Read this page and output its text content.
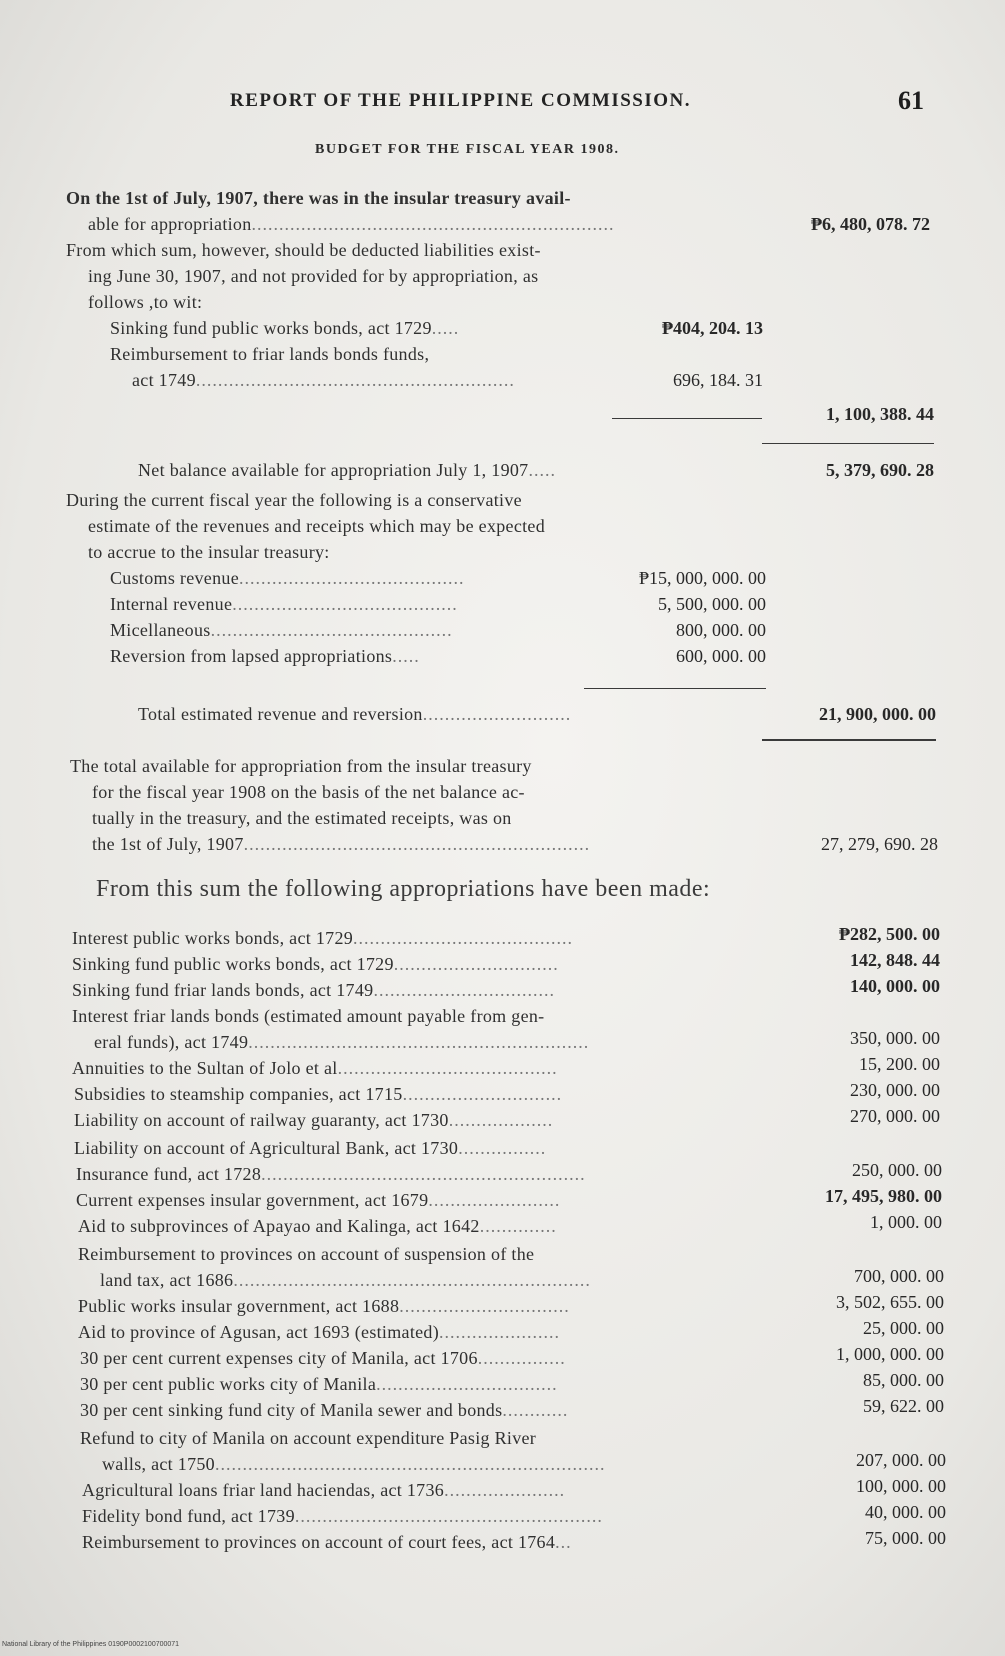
REPORT OF THE PHILIPPINE COMMISSION.	61
BUDGET FOR THE FISCAL YEAR 1908.
On the 1st of July, 1907, there was in the insular treasury avail-
able for appropriation..................................................................	₱6, 480, 078. 72
From which sum, however, should be deducted liabilities exist-
ing June 30, 1907, and not provided for by appropriation, as
follows ,to wit:
Sinking fund public works bonds, act 1729.....	₱404, 204. 13
Reimbursement to friar lands bonds funds,
act 1749..........................................................	696, 184. 31
1, 100, 388. 44
Net balance available for appropriation July 1, 1907.....	5, 379, 690. 28
During the current fiscal year the following is a conservative
estimate of the revenues and receipts which may be expected
to accrue to the insular treasury:
Customs revenue.........................................	₱15, 000, 000. 00
Internal revenue.........................................	5, 500, 000. 00
Micellaneous............................................	800, 000. 00
Reversion from lapsed appropriations.....	600, 000. 00
Total estimated revenue and reversion...........................	21, 900, 000. 00
The total available for appropriation from the insular treasury
for the fiscal year 1908 on the basis of the net balance ac-
tually in the treasury, and the estimated receipts, was on
the 1st of July, 1907...............................................................	27, 279, 690. 28
From this sum the following appropriations have been made:
Interest public works bonds, act 1729........................................	₱282, 500. 00
Sinking fund public works bonds, act 1729..............................	142, 848. 44
Sinking fund friar lands bonds, act 1749.................................	140, 000. 00
Interest friar lands bonds (estimated amount payable from gen-
eral funds), act 1749..............................................................	350, 000. 00
Annuities to the Sultan of Jolo et al........................................	15, 200. 00
Subsidies to steamship companies, act 1715.............................	230, 000. 00
Liability on account of railway guaranty, act 1730...................	270, 000. 00
Liability on account of Agricultural Bank, act 1730................
Insurance fund, act 1728...........................................................	250, 000. 00
Current expenses insular government, act 1679........................	17, 495, 980. 00
Aid to subprovinces of Apayao and Kalinga, act 1642..............	1, 000. 00
Reimbursement to provinces on account of suspension of the
land tax, act 1686.................................................................	700, 000. 00
Public works insular government, act 1688...............................	3, 502, 655. 00
Aid to province of Agusan, act 1693 (estimated)......................	25, 000. 00
30 per cent current expenses city of Manila, act 1706................	1, 000, 000. 00
30 per cent public works city of Manila.................................	85, 000. 00
30 per cent sinking fund city of Manila sewer and bonds............	59, 622. 00
Refund to city of Manila on account expenditure Pasig River
walls, act 1750.......................................................................	207, 000. 00
Agricultural loans friar land haciendas, act 1736......................	100, 000. 00
Fidelity bond fund, act 1739........................................................	40, 000. 00
Reimbursement to provinces on account of court fees, act 1764...	75, 000. 00
National Library of the Philippines 0190P0002100700071
